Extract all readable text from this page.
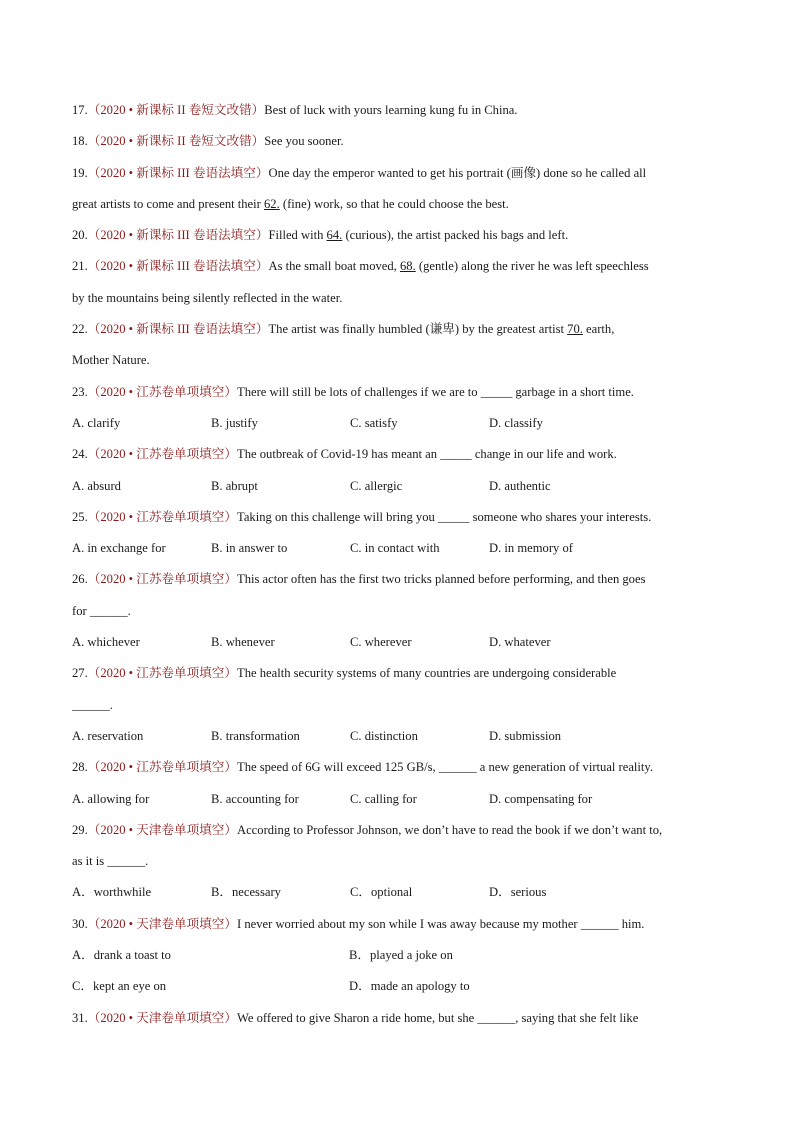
17.（2020 • 新课标 II 卷短文改错）Best of luck with yours learning kung fu in China.
18.（2020 • 新课标 II 卷短文改错）See you sooner.
19.（2020 • 新课标 III 卷语法填空）One day the emperor wanted to get his portrait (画像) done so he called all
great artists to come and present their 62. (fine) work, so that he could choose the best.
20.（2020 • 新课标 III 卷语法填空）Filled with 64. (curious), the artist packed his bags and left.
21.（2020 • 新课标 III 卷语法填空）As the small boat moved, 68. (gentle) along the river he was left speechless
by the mountains being silently reflected in the water.
22.（2020 • 新课标 III 卷语法填空）The artist was finally humbled (谦卑) by the greatest artist 70. earth,
Mother Nature.
23.（2020 • 江苏卷单项填空）There will still be lots of challenges if we are to _____ garbage in a short time.
A. clarify	B. justify	C. satisfy	D. classify
24.（2020 • 江苏卷单项填空）The outbreak of Covid-19 has meant an _____ change in our life and work.
A. absurd	B. abrupt	C. allergic	D. authentic
25.（2020 • 江苏卷单项填空）Taking on this challenge will bring you _____ someone who shares your interests.
A. in exchange for	B. in answer to	C. in contact with	D. in memory of
26.（2020 • 江苏卷单项填空）This actor often has the first two tricks planned before performing, and then goes
for ______.
A. whichever	B. whenever	C. wherever	D. whatever
27.（2020 • 江苏卷单项填空）The health security systems of many countries are undergoing considerable
______.
A. reservation	B. transformation	C. distinction	D. submission
28.（2020 • 江苏卷单项填空）The speed of 6G will exceed 125 GB/s, ______ a new generation of virtual reality.
A. allowing for	B. accounting for	C. calling for	D. compensating for
29.（2020 • 天津卷单项填空）According to Professor Johnson, we don’t have to read the book if we don’t want to,
as it is ______.
A．worthwhile	B．necessary	C．optional	D．serious
30.（2020 • 天津卷单项填空）I never worried about my son while I was away because my mother ______ him.
A．drank a toast to	B．played a joke on
C．kept an eye on	D．made an apology to
31.（2020 • 天津卷单项填空）We offered to give Sharon a ride home, but she ______, saying that she felt like
